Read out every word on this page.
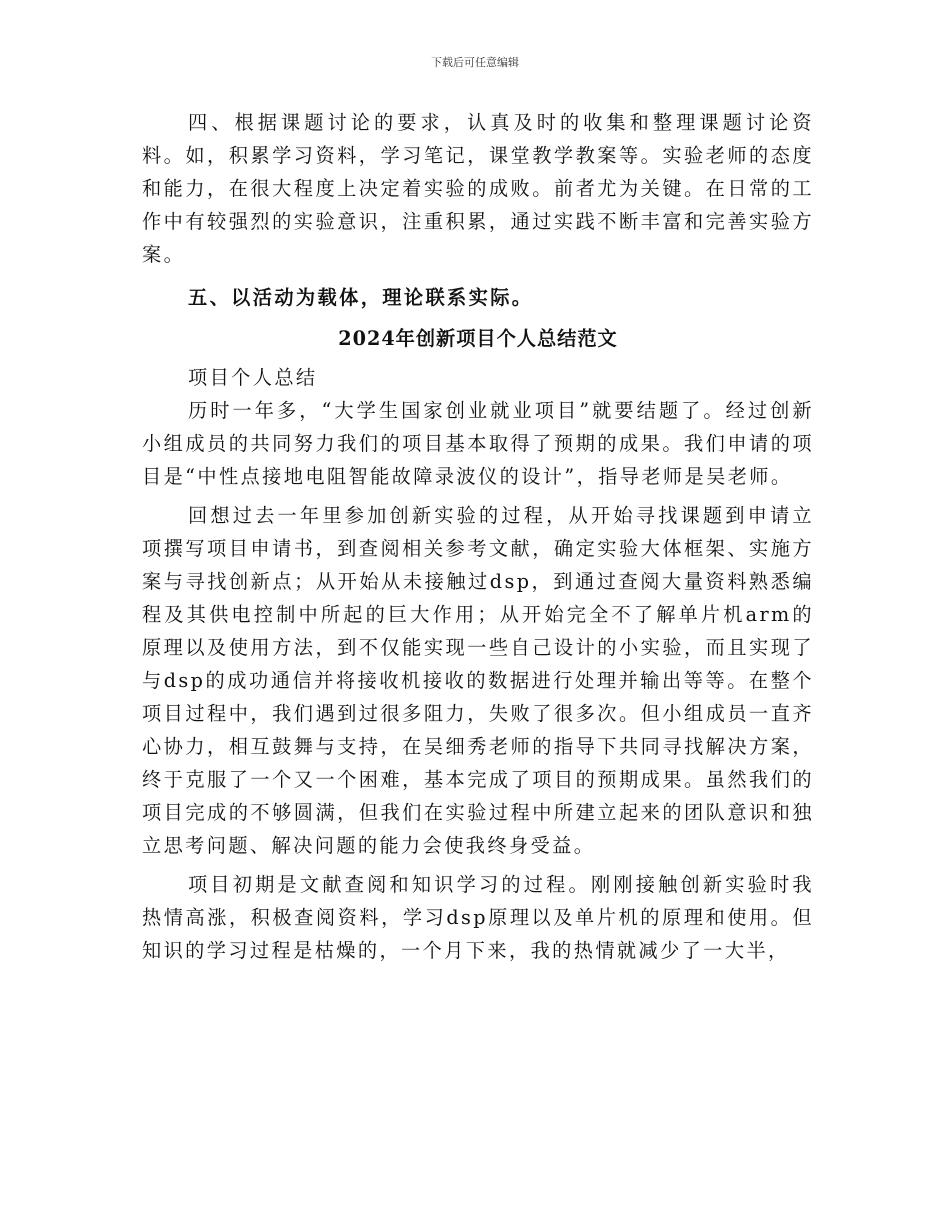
下载后可任意编辑

四、根据课题讨论的要求，认真及时的收集和整理课题讨论资料。如，积累学习资料，学习笔记，课堂教学教案等。实验老师的态度和能力，在很大程度上决定着实验的成败。前者尤为关键。在日常的工作中有较强烈的实验意识，注重积累，通过实践不断丰富和完善实验方案。

五、以活动为载体，理论联系实际。

2024年创新项目个人总结范文

项目个人总结

历时一年多，“大学生国家创业就业项目”就要结题了。经过创新小组成员的共同努力我们的项目基本取得了预期的成果。我们申请的项目是“中性点接地电阻智能故障录波仪的设计”，指导老师是吴老师。

回想过去一年里参加创新实验的过程，从开始寻找课题到申请立项撰写项目申请书，到查阅相关参考文献，确定实验大体框架、实施方案与寻找创新点；从开始从未接触过dsp，到通过查阅大量资料熟悉编程及其供电控制中所起的巨大作用；从开始完全不了解单片机arm的原理以及使用方法，到不仅能实现一些自己设计的小实验，而且实现了与dsp的成功通信并将接收机接收的数据进行处理并输出等等。在整个项目过程中，我们遇到过很多阻力，失败了很多次。但小组成员一直齐心协力，相互鼓舞与支持，在吴细秀老师的指导下共同寻找解决方案，终于克服了一个又一个困难，基本完成了项目的预期成果。虽然我们的项目完成的不够圆满，但我们在实验过程中所建立起来的团队意识和独立思考问题、解决问题的能力会使我终身受益。

项目初期是文献查阅和知识学习的过程。刚刚接触创新实验时我热情高涨，积极查阅资料，学习dsp原理以及单片机的原理和使用。但知识的学习过程是枯燥的，一个月下来，我的热情就减少了一大半，
